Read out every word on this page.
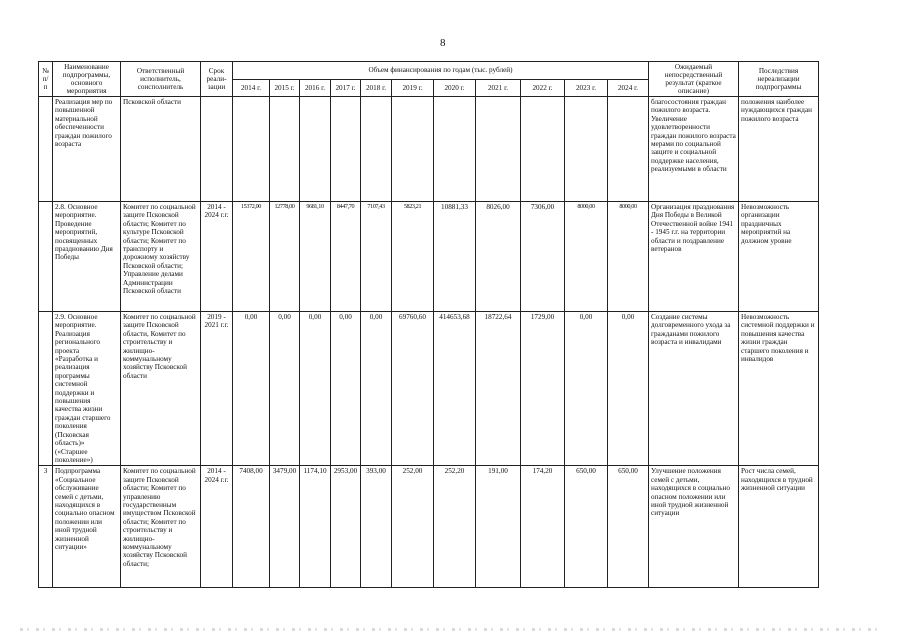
8
№ п/п	Наименование подпрограммы, основного мероприятия	Ответственный исполнитель, соисполнитель	Срок реали-зации	Объем финансирования по годам (тыс. рублей)											Ожидаемый непосредственный результат (краткое описание)	Последствия нереализации подпрограммы
				2014 г.	2015 г.	2016 г.	2017 г.	2018 г.	2019 г.	2020 г.	2021 г.	2022 г.	2023 г.	2024 г.		
	Реализация мер по повышенной материальной обеспеченности граждан пожилого возраста	Псковской области													благосостояния граждан пожилого возраста. Увеличение удовлетворенности граждан пожилого возраста мерами по социальной защите и социальной поддержке населения, реализуемыми в области	положения наиболее нуждающихся граждан пожилого возраста
	2.8. Основное мероприятие. Проведение мероприятий, посвященных празднованию Дня Победы	Комитет по социальной защите Псковской области; Комитет по культуре Псковской области; Комитет по транспорту и дорожному хозяйству Псковской области; Управление делами Администрации Псковской области	2014 - 2024 г.г.	15372,00	12778,00	9681,10	8447,70	7107,43	5823,21	10881,33	8026,00	7306,00	8000,00	8000,00	Организация празднования Дня Победы в Великой Отечественной войне 1941 - 1945 г.г. на территории области и поздравление ветеранов	Невозможность организации праздничных мероприятий на должном уровне
	2.9. Основное мероприятие. Реализация регионального проекта «Разработка и реализация программы системной поддержки и повышения качества жизни граждан старшего поколения (Псковская область)» («Старшее поколение»)	Комитет по социальной защите Псковской области, Комитет по строительству и жилищно-коммунальному хозяйству Псковской области	2019 - 2021 г.г.	0,00	0,00	0,00	0,00	0,00	69760,60	414653,68	18722,64	1729,00	0,00	0,00	Создание системы долговременного ухода за гражданами пожилого возраста и инвалидами	Невозможность системной поддержки и повышения качества жизни граждан старшего поколения и инвалидов
3	Подпрограмма «Социальное обслуживание семей с детьми, находящихся в социально опасном положении или иной трудной жизненной ситуации»	Комитет по социальной защите Псковской области; Комитет по управлению государственным имуществом Псковской области; Комитет по строительству и жилищно-коммунальному хозяйству Псковской области;	2014 - 2024 г.г.	7408,00	3479,00	1174,10	2953,00	393,00	252,00	252,20	191,00	174,20	650,00	650,00	Улучшение положения семей с детьми, находящихся в социально опасном положении или иной трудной жизненной ситуации	Рост числа семей, находящихся в трудной жизненной ситуации
